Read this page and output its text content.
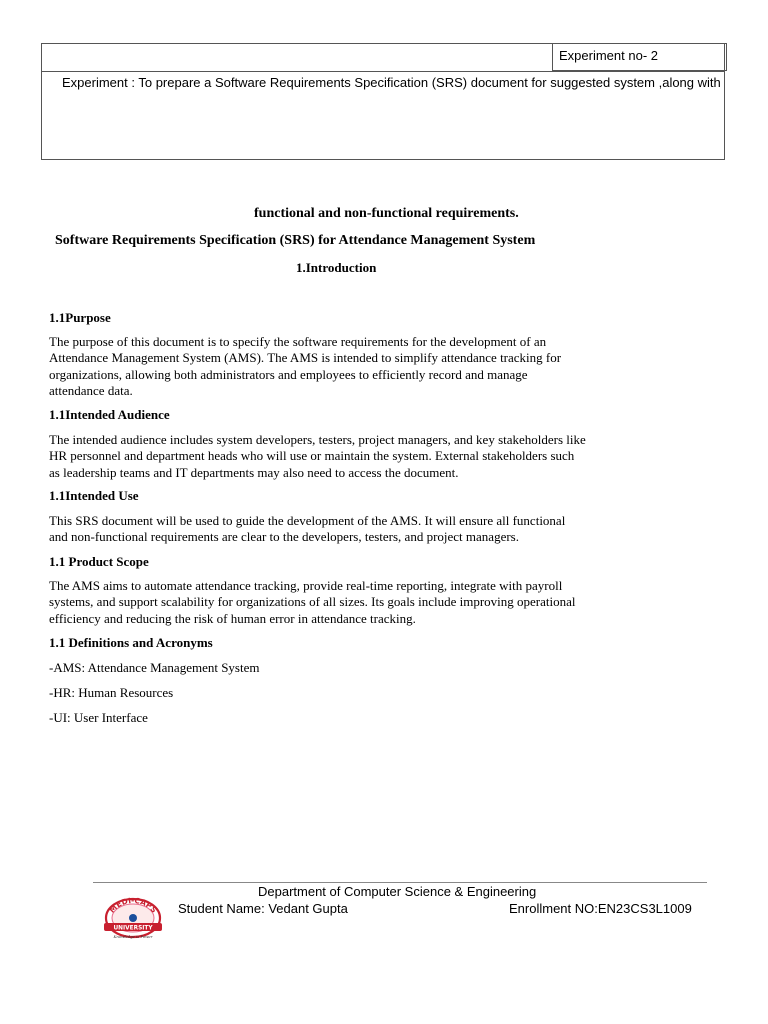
Experiment no- 2
Experiment : To prepare a Software Requirements Specification (SRS) document for suggested system ,along with
functional and non-functional requirements.
Software Requirements Specification (SRS) for Attendance Management System
1.Introduction
1.1Purpose
The purpose of this document is to specify the software requirements for the development of an
Attendance Management System (AMS). The AMS is intended to simplify attendance tracking for
organizations, allowing both administrators and employees to efficiently record and manage
attendance data.
1.1Intended Audience
The intended audience includes system developers, testers, project managers, and key stakeholders like
HR personnel and department heads who will use or maintain the system. External stakeholders such
as leadership teams and IT departments may also need to access the document.
1.1Intended Use
This SRS document will be used to guide the development of the AMS. It will ensure all functional
and non-functional requirements are clear to the developers, testers, and project managers.
1.1 Product Scope
The AMS aims to automate attendance tracking, provide real-time reporting, integrate with payroll
systems, and support scalability for organizations of all sizes. Its goals include improving operational
efficiency and reducing the risk of human error in attendance tracking.
1.1 Definitions and Acronyms
-AMS: Attendance Management System
-HR: Human Resources
-UI: User Interface
Department of Computer Science & Engineering
Student Name: Vedant Gupta	Enrollment NO:EN23CS3L1009
MEDI-CAPS
UNIVERSITY
Knowledge is Power
